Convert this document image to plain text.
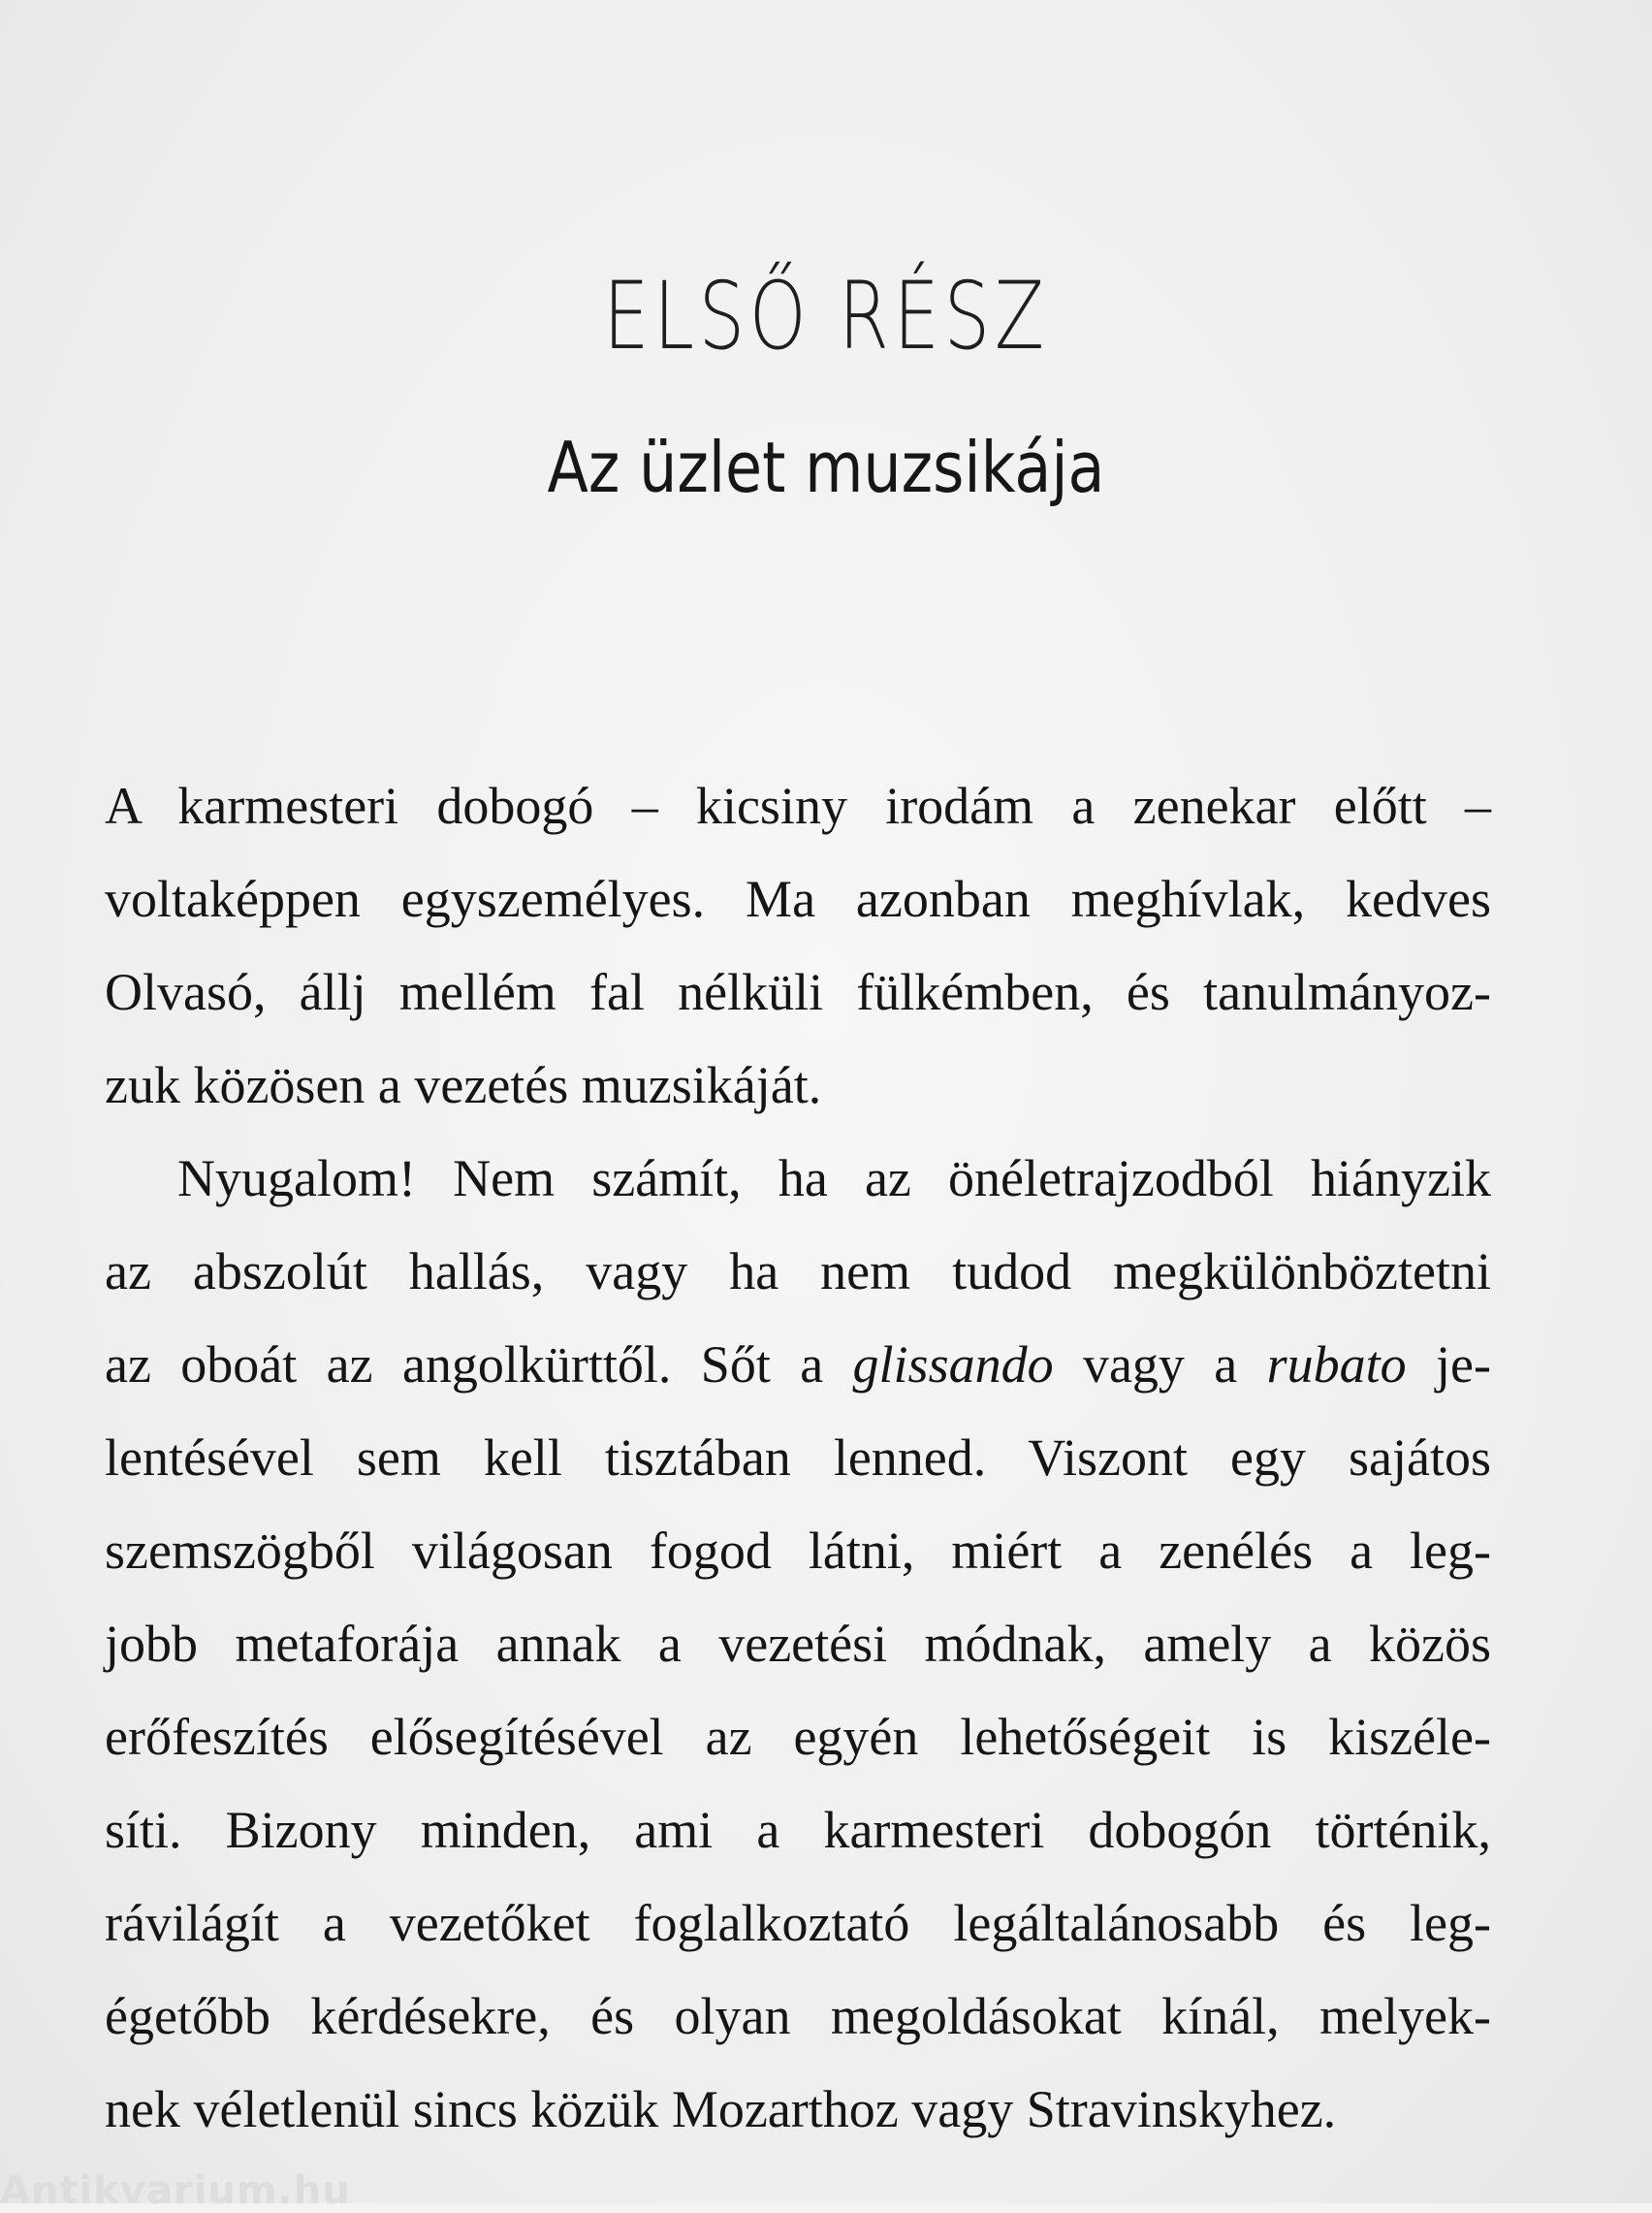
ELSŐ RÉSZ
Az üzlet muzsikája
A karmesteri dobogó – kicsiny irodám a zenekar előtt –
voltaképpen egyszemélyes. Ma azonban meghívlak, kedves
Olvasó, állj mellém fal nélküli fülkémben, és tanulmányoz-
zuk közösen a vezetés muzsikáját.
Nyugalom! Nem számít, ha az önéletrajzodból hiányzik
az abszolút hallás, vagy ha nem tudod megkülönböztetni
az oboát az angolkürttől. Sőt a glissando vagy a rubato je-
lentésével sem kell tisztában lenned. Viszont egy sajátos
szemszögből világosan fogod látni, miért a zenélés a leg-
jobb metaforája annak a vezetési módnak, amely a közös
erőfeszítés elősegítésével az egyén lehetőségeit is kiszéle-
síti. Bizony minden, ami a karmesteri dobogón történik,
rávilágít a vezetőket foglalkoztató legáltalánosabb és leg-
égetőbb kérdésekre, és olyan megoldásokat kínál, melyek-
nek véletlenül sincs közük Mozarthoz vagy Stravinskyhez.
Antikvarium.hu
